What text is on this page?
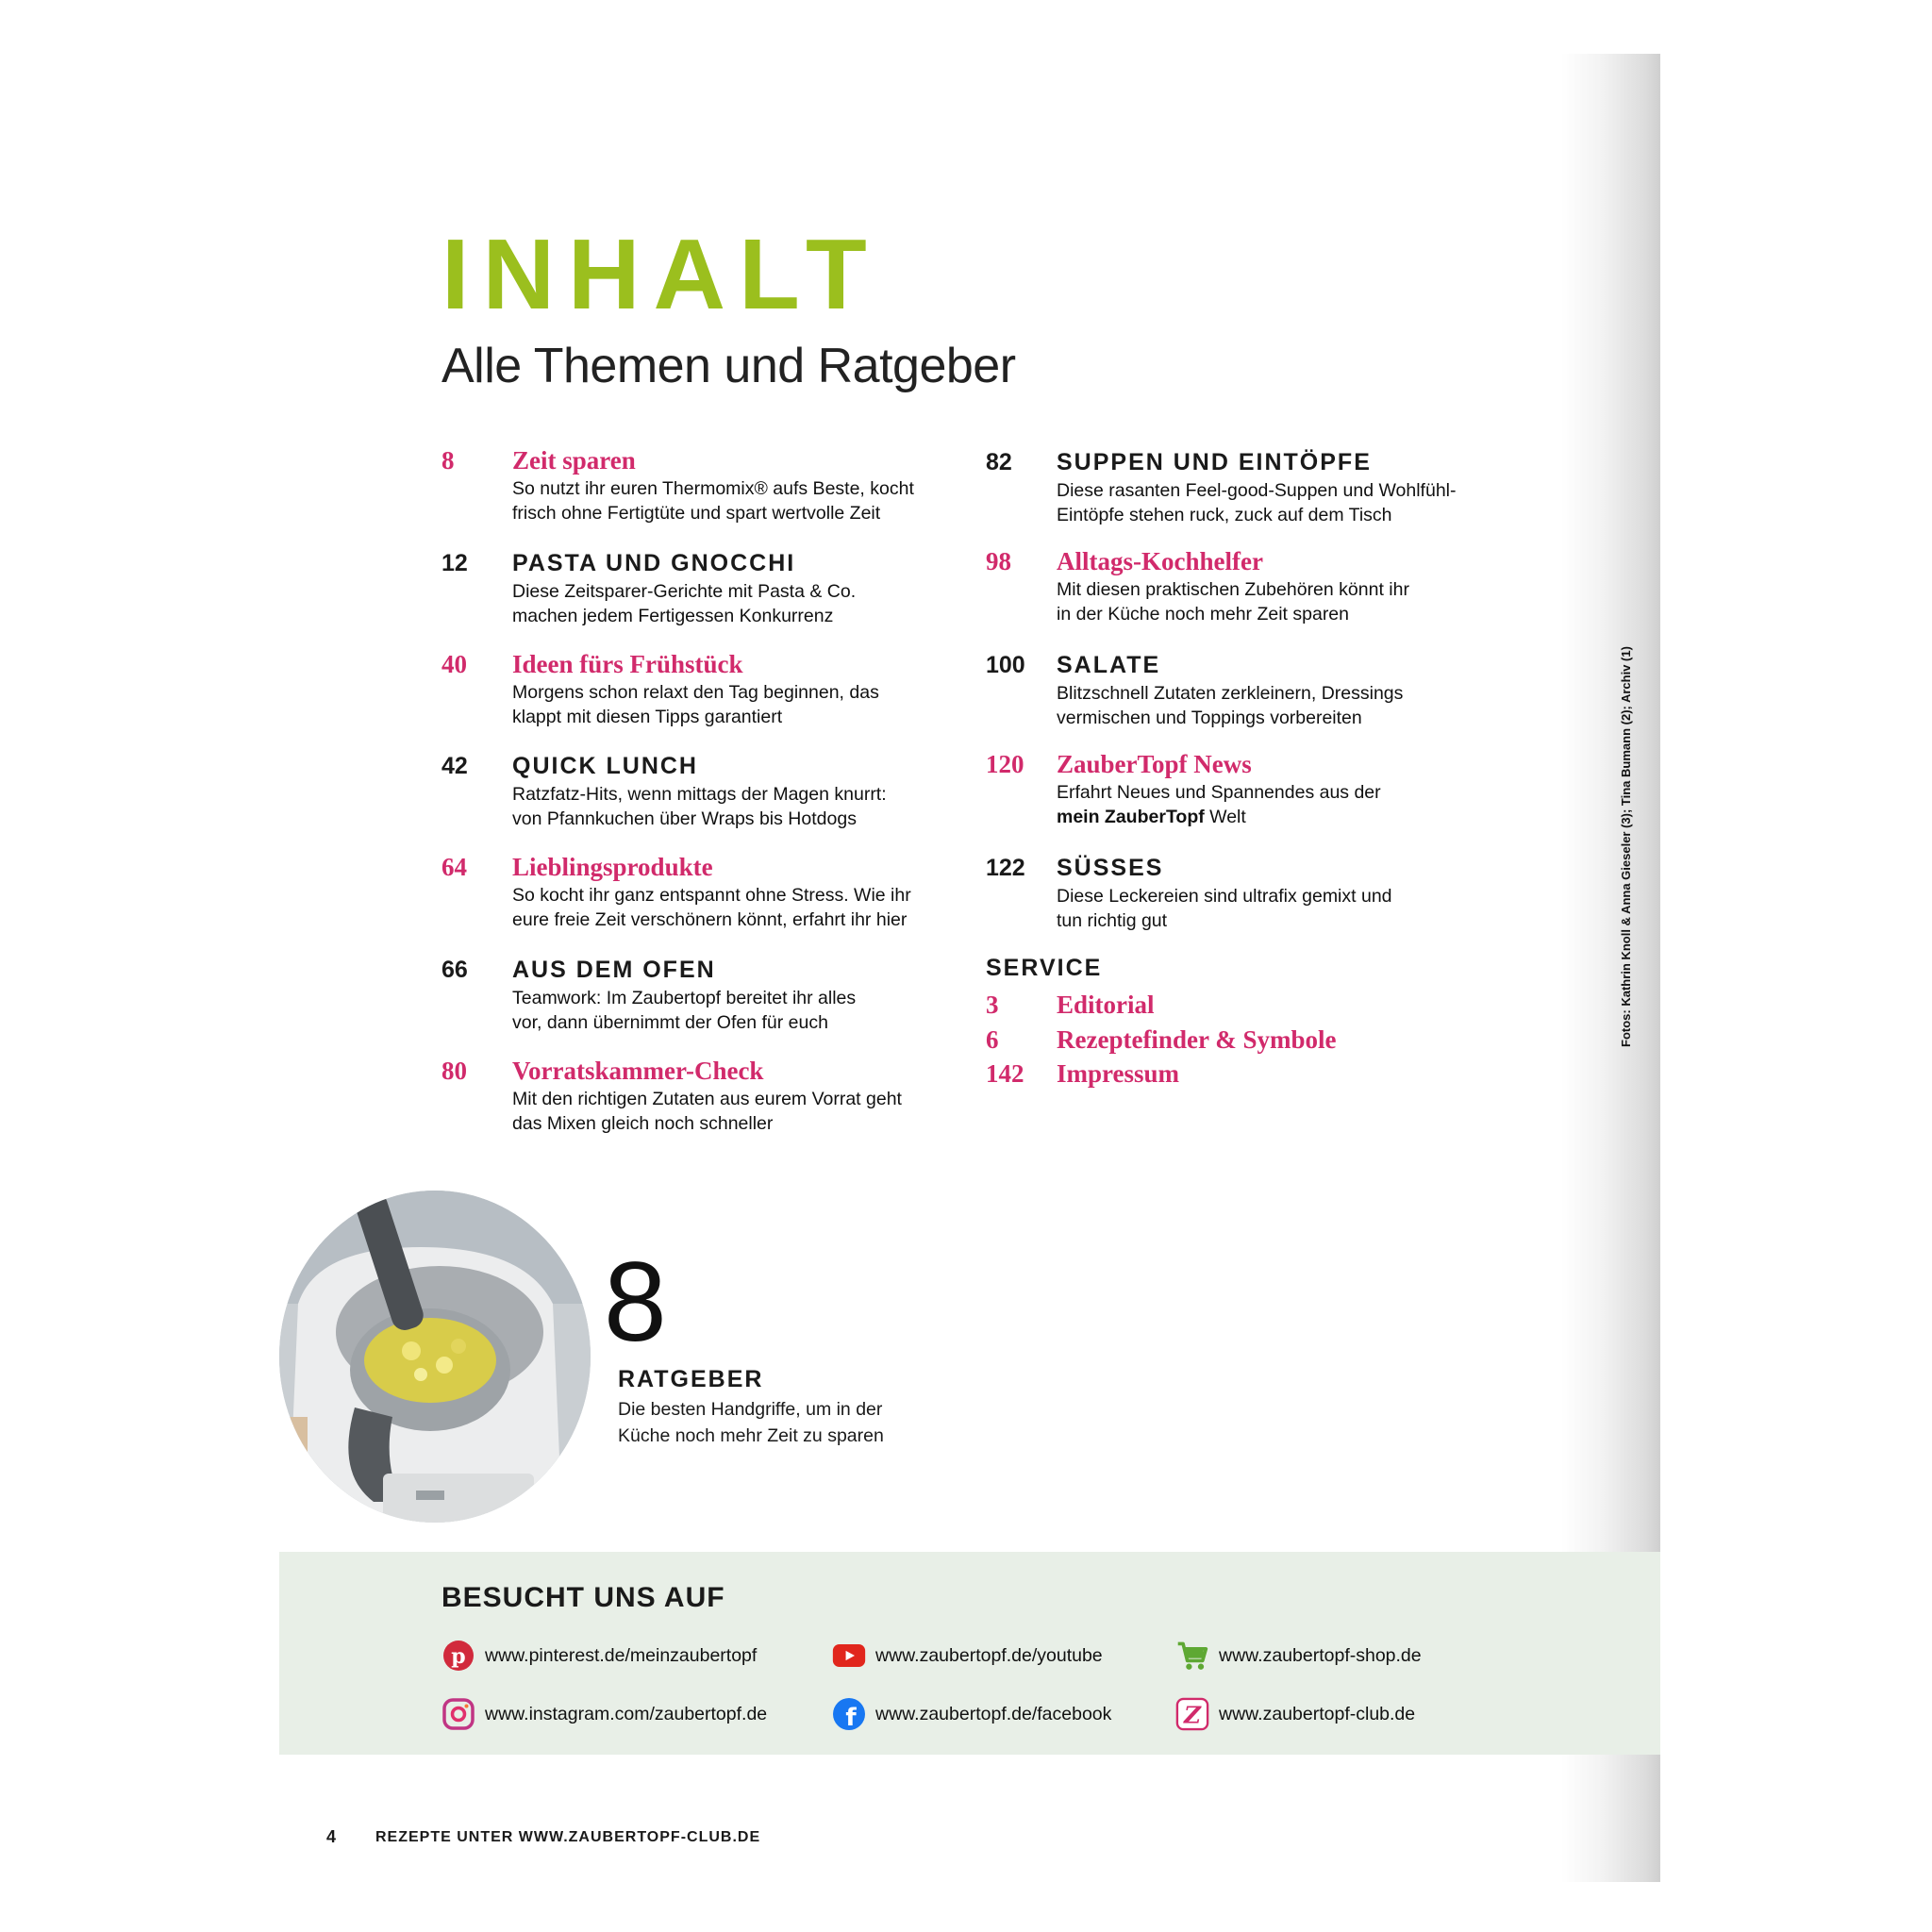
INHALT
Alle Themen und Ratgeber
8 Zeit sparen
So nutzt ihr euren Thermomix® aufs Beste, kocht
frisch ohne Fertigtüte und spart wertvolle Zeit
12 PASTA UND GNOCCHI
Diese Zeitsparer-Gerichte mit Pasta & Co.
machen jedem Fertigessen Konkurrenz
40 Ideen fürs Frühstück
Morgens schon relaxt den Tag beginnen, das
klappt mit diesen Tipps garantiert
42 QUICK LUNCH
Ratzfatz-Hits, wenn mittags der Magen knurrt:
von Pfannkuchen über Wraps bis Hotdogs
64 Lieblingsprodukte
So kocht ihr ganz entspannt ohne Stress. Wie ihr
eure freie Zeit verschönern könnt, erfahrt ihr hier
66 AUS DEM OFEN
Teamwork: Im Zaubertopf bereitet ihr alles
vor, dann übernimmt der Ofen für euch
80 Vorratskammer-Check
Mit den richtigen Zutaten aus eurem Vorrat geht
das Mixen gleich noch schneller
82 SUPPEN UND EINTÖPFE
Diese rasanten Feel-good-Suppen und Wohlfühl-
Eintöpfe stehen ruck, zuck auf dem Tisch
98 Alltags-Kochhelfer
Mit diesen praktischen Zubehören könnt ihr
in der Küche noch mehr Zeit sparen
100 SALATE
Blitzschnell Zutaten zerkleinern, Dressings
vermischen und Toppings vorbereiten
120 ZauberTopf News
Erfahrt Neues und Spannendes aus der
mein ZauberTopf Welt
122 SÜSSES
Diese Leckereien sind ultrafix gemixt und
tun richtig gut
SERVICE
3 Editorial
6 Rezeptefinder & Symbole
142 Impressum
8
RATGEBER
Die besten Handgriffe, um in der
Küche noch mehr Zeit zu sparen
Fotos: Kathrin Knoll & Anna Gieseler (3); Tina Bumann (2); Archiv (1)
BESUCHT UNS AUF
p www.pinterest.de/meinzaubertopf	www.zaubertopf.de/youtube	www.zaubertopf-shop.de
www.instagram.com/zaubertopf.de	f www.zaubertopf.de/facebook	Z www.zaubertopf-club.de
4	REZEPTE UNTER WWW.ZAUBERTOPF-CLUB.DE
